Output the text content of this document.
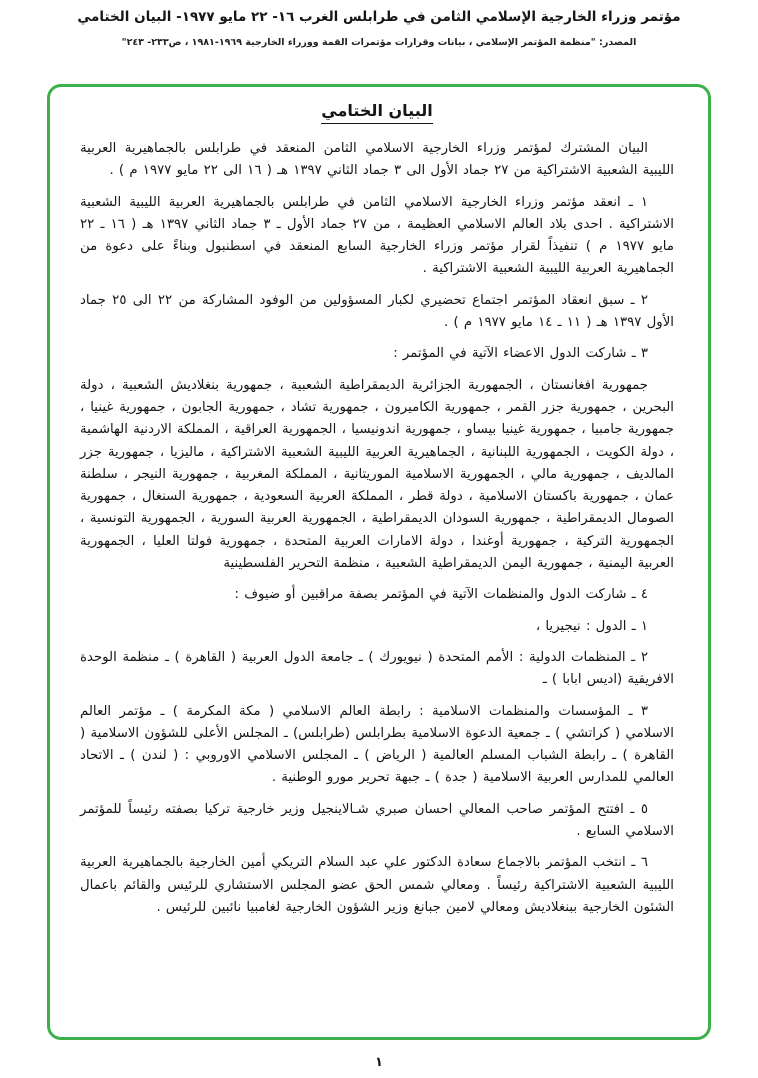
مؤتمر وزراء الخارجية الإسلامي الثامن في طرابلس الغرب ١٦- ٢٢ مايو ١٩٧٧- البيان الختامي
المصدر: "منظمة المؤتمر الإسلامي ، بيانات وقرارات مؤتمرات القمة ووزراء الخارجية ١٩٦٩-١٩٨١ ، ص٢٣٣- ٢٤٣"
البيان الختامي

البيان المشترك لمؤتمر وزراء الخارجية الاسلامي الثامن المنعقد في طرابلس بالجماهيرية العربية الليبية الشعبية الاشتراكية من ٢٧ جماد الأول الى ٣ جماد الثاني ١٣٩٧ هـ ( ١٦ الى ٢٢ مايو ١٩٧٧ م ) .

١ ـ انعقد مؤتمر وزراء الخارجية الاسلامي الثامن في طرابلس بالجماهيرية العربية الليبية الشعبية الاشتراكية . احدى بلاد العالم الاسلامي العظيمة ، من ٢٧ جماد الأول ـ ٣ جماد الثاني ١٣٩٧ هـ ( ١٦ ـ ٢٢ مايو ١٩٧٧ م ) تنفيذاً لقرار مؤتمر وزراء الخارجية السابع المنعقد في اسطنبول وبناءً على دعوة من الجماهيرية العربية الليبية الشعبية الاشتراكية .

٢ ـ سبق انعقاد المؤتمر اجتماع تحضيري لكبار المسؤولين من الوفود المشاركة من ٢٢ الى ٢٥ جماد الأول ١٣٩٧ هـ ( ١١ ـ ١٤ مايو ١٩٧٧ م ) .

٣ ـ شاركت الدول الاعضاء الآتية في المؤتمر :

جمهورية افغانستان ، الجمهورية الجزائرية الديمقراطية الشعبية ، جمهورية بنغلاديش الشعبية ، دولة البحرين ، جمهورية جزر القمر ، جمهورية الكاميرون ، جمهورية تشاد ، جمهورية الجابون ، جمهورية غينيا ، جمهورية جامبيا ، جمهورية غينيا بيساو ، جمهورية اندونيسيا ، الجمهورية العراقية ، المملكة الاردنية الهاشمية ، دولة الكويت ، الجمهورية اللبنانية ، الجماهيرية العربية الليبية الشعبية الاشتراكية ، ماليزيا ، جمهورية جزر المالديف ، جمهورية مالي ، الجمهورية الاسلامية الموريتانية ، المملكة المغربية ، جمهورية النيجر ، سلطنة عمان ، جمهورية باكستان الاسلامية ، دولة قطر ، المملكة العربية السعودية ، جمهورية السنغال ، جمهورية الصومال الديمقراطية ، جمهورية السودان الديمقراطية ، الجمهورية العربية السورية ، الجمهورية التونسية ، الجمهورية التركية ، جمهورية أوغندا ، دولة الامارات العربية المتحدة ، جمهورية فولتا العليا ، الجمهورية العربية اليمنية ، جمهورية اليمن الديمقراطية الشعبية ، منظمة التحرير الفلسطينية

٤ ـ شاركت الدول والمنظمات الآتية في المؤتمر بصفة مراقبين أو ضيوف :

١ ـ الدول : نيجيريا ،

٢ ـ المنظمات الدولية : الأمم المتحدة ( نيويورك ) ـ جامعة الدول العربية ( القاهرة ) ـ منظمة الوحدة الافريقية (اديس ابابا ) ـ

٣ ـ المؤسسات والمنظمات الاسلامية : رابطة العالم الاسلامي ( مكة المكرمة ) ـ مؤتمر العالم الاسلامي ( كراتشي ) ـ جمعية الدعوة الاسلامية بطرابلس (طرابلس) ـ المجلس الأعلى للشؤون الاسلامية ( القاهرة ) ـ رابطة الشباب المسلم العالمية ( الرياض ) ـ المجلس الاسلامي الاوروبي : ( لندن ) ـ الاتحاد العالمي للمدارس العربية الاسلامية ( جدة ) ـ جبهة تحرير مورو الوطنية .

٥ ـ افتتح المؤتمر صاحب المعالي احسان صبري شـالاينجيل وزير خارجية تركيا بصفته رئيساً للمؤتمر الاسلامي السابع .

٦ ـ انتخب المؤتمر بالاجماع سعادة الدكتور علي عبد السلام التريكي أمين الخارجية بالجماهيرية العربية الليبية الشعبية الاشتراكية رئيساً . ومعالي شمس الحق عضو المجلس الاستشاري للرئيس والقائم باعمال الشئون الخارجية ببنغلاديش ومعالي لامين جبانغ وزير الشؤون الخارجية لغامبيا نائبين للرئيس .

١
